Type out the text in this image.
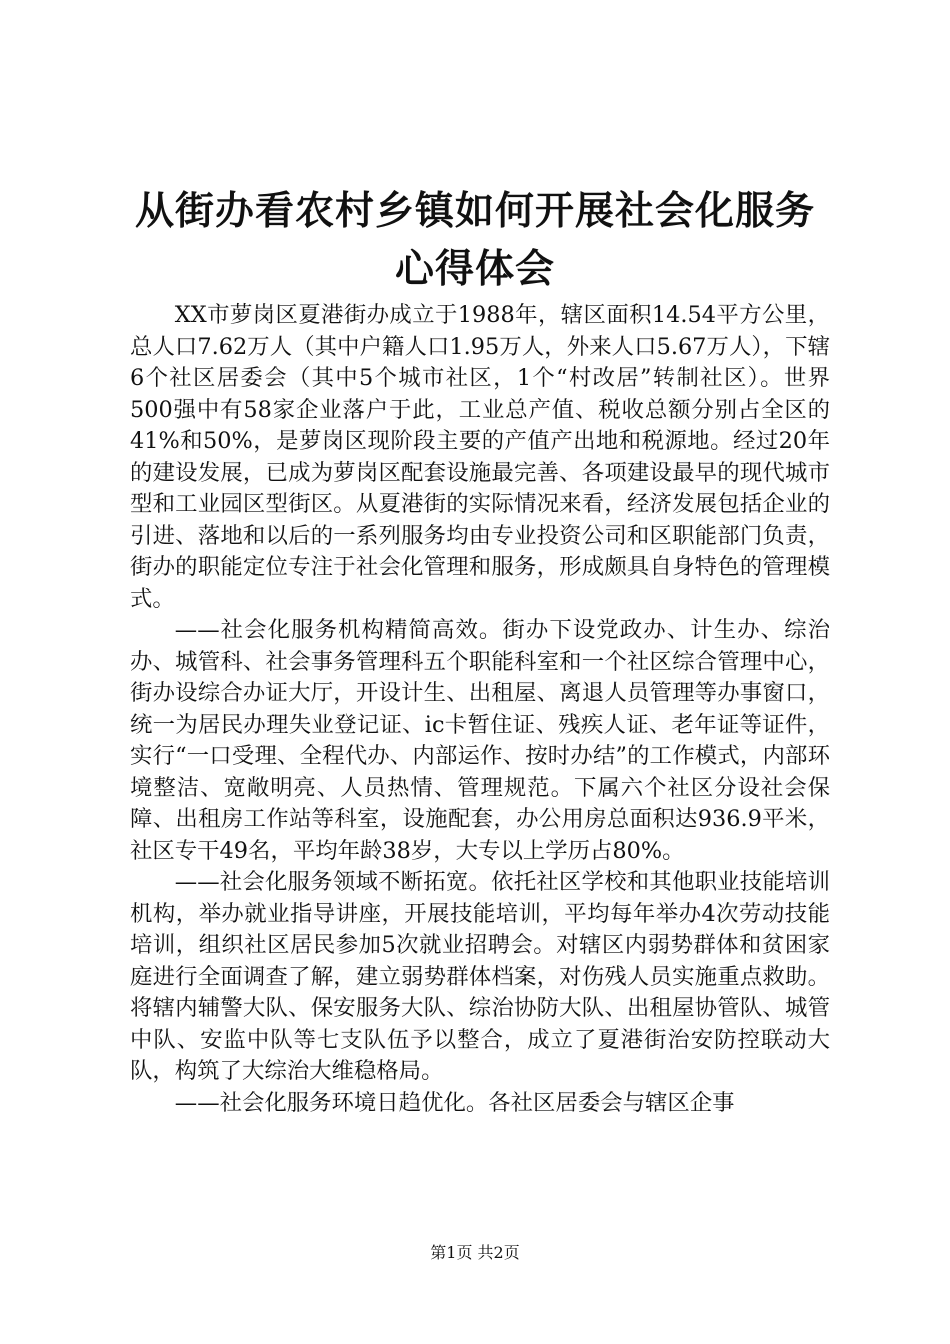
从街办看农村乡镇如何开展社会化服务心得体会

XX市萝岗区夏港街办成立于1988年，辖区面积14.54平方公里，总人口7.62万人（其中户籍人口1.95万人，外来人口5.67万人），下辖6个社区居委会（其中5个城市社区，1个“村改居”转制社区）。世界500强中有58家企业落户于此，工业总产值、税收总额分别占全区的41%和50%，是萝岗区现阶段主要的产值产出地和税源地。经过20年的建设发展，已成为萝岗区配套设施最完善、各项建设最早的现代城市型和工业园区型街区。从夏港街的实际情况来看，经济发展包括企业的引进、落地和以后的一系列服务均由专业投资公司和区职能部门负责，街办的职能定位专注于社会化管理和服务，形成颇具自身特色的管理模式。

——社会化服务机构精简高效。街办下设党政办、计生办、综治办、城管科、社会事务管理科五个职能科室和一个社区综合管理中心，街办设综合办证大厅，开设计生、出租屋、离退人员管理等办事窗口，统一为居民办理失业登记证、ic卡暂住证、残疾人证、老年证等证件，实行“一口受理、全程代办、内部运作、按时办结”的工作模式，内部环境整洁、宽敞明亮、人员热情、管理规范。下属六个社区分设社会保障、出租房工作站等科室，设施配套，办公用房总面积达936.9平米，社区专干49名，平均年龄38岁，大专以上学历占80%。

——社会化服务领域不断拓宽。依托社区学校和其他职业技能培训机构，举办就业指导讲座，开展技能培训，平均每年举办4次劳动技能培训，组织社区居民参加5次就业招聘会。对辖区内弱势群体和贫困家庭进行全面调查了解，建立弱势群体档案，对伤残人员实施重点救助。将辖内辅警大队、保安服务大队、综治协防大队、出租屋协管队、城管中队、安监中队等七支队伍予以整合，成立了夏港街治安防控联动大队，构筑了大综治大维稳格局。

——社会化服务环境日趋优化。各社区居委会与辖区企事

第1页 共2页
